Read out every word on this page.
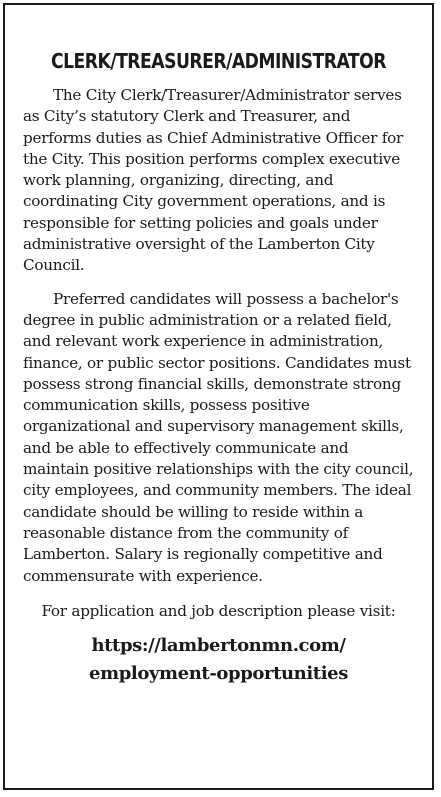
CLERK/TREASURER/ADMINISTRATOR

The City Clerk/Treasurer/Administrator serves as City’s statutory Clerk and Treasurer, and performs duties as Chief Administrative Officer for the City. This position performs complex executive work planning, organizing, directing, and coordinating City government operations, and is responsible for setting policies and goals under administrative oversight of the Lamberton City Council.

Preferred candidates will possess a bachelor's degree in public administration or a related field, and relevant work experience in administration, finance, or public sector positions. Candidates must possess strong financial skills, demonstrate strong communication skills, possess positive organizational and supervisory management skills, and be able to effectively communicate and maintain positive relationships with the city council, city employees, and community members. The ideal candidate should be willing to reside within a reasonable distance from the community of Lamberton. Salary is regionally competitive and commensurate with experience.

For application and job description please visit:

https://lambertonmn.com/
employment-opportunities
